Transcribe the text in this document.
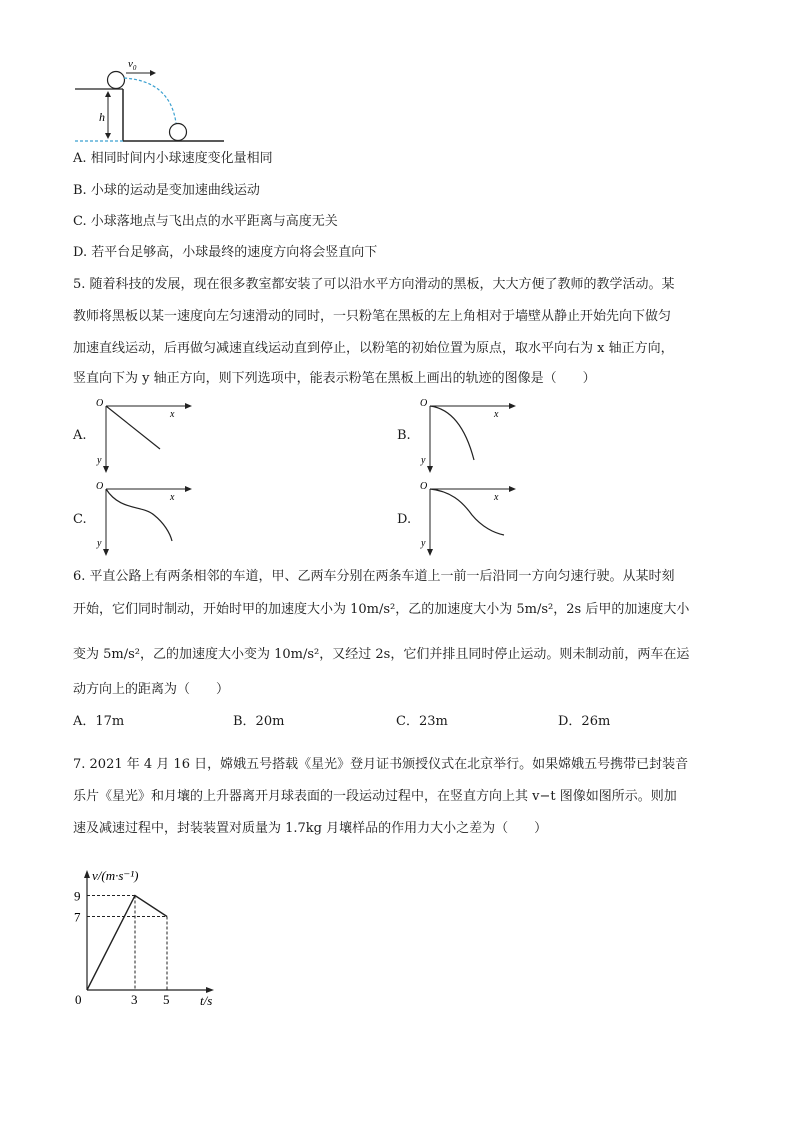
$v_0$
h
A. 相同时间内小球速度变化量相同
B. 小球的运动是变加速曲线运动
C. 小球落地点与飞出点的水平距离与高度无关
D. 若平台足够高，小球最终的速度方向将会竖直向下
5. 随着科技的发展，现在很多教室都安装了可以沿水平方向滑动的黑板，大大方便了教师的教学活动。某
教师将黑板以某一速度向左匀速滑动的同时，一只粉笔在黑板的左上角相对于墙壁从静止开始先向下做匀
加速直线运动，后再做匀减速直线运动直到停止，以粉笔的初始位置为原点，取水平向右为 x 轴正方向，
竖直向下为 y 轴正方向，则下列选项中，能表示粉笔在黑板上画出的轨迹的图像是（　　）
A.
O
x
y
B.
O
x
y
C.
O
x
y
D.
O
x
y
6. 平直公路上有两条相邻的车道，甲、乙两车分别在两条车道上一前一后沿同一方向匀速行驶。从某时刻
开始，它们同时制动，开始时甲的加速度大小为 10m/s²，乙的加速度大小为 5m/s²，2s 后甲的加速度大小
变为 5m/s²，乙的加速度大小变为 10m/s²，又经过 2s，它们并排且同时停止运动。则未制动前，两车在运
动方向上的距离为（　　）
A．17m	B．20m	C．23m	D．26m
7. 2021 年 4 月 16 日，嫦娥五号搭载《星光》登月证书颁授仪式在北京举行。如果嫦娥五号携带已封装音
乐片《星光》和月壤的上升器离开月球表面的一段运动过程中，在竖直方向上其 v−t 图像如图所示。则加
速及减速过程中，封装装置对质量为 1.7kg 月壤样品的作用力大小之差为（　　）
v/(m·s⁻¹)
t/s
0	3 5
7
9
